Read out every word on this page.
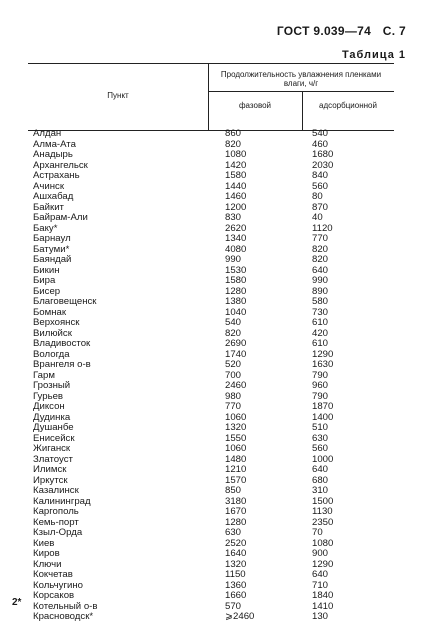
ГОСТ 9.039—74 С. 7
Таблица 1
Пункт
Продолжительность увлажнения пленками влаги, ч/г
фазовой	адсорбционной
Алдан	860	540
Алма-Ата	820	460
Анадырь	1080	1680
Архангельск	1420	2030
Астрахань	1580	840
Ачинск	1440	560
Ашхабад	1460	80
Байкит	1200	870
Байрам-Али	830	40
Баку*	2620	1120
Барнаул	1340	770
Батуми*	4080	820
Баяндай	990	820
Бикин	1530	640
Бира	1580	990
Бисер	1280	890
Благовещенск	1380	580
Бомнак	1040	730
Верхоянск	540	610
Вилюйск	820	420
Владивосток	2690	610
Вологда	1740	1290
Врангеля о-в	520	1630
Гарм	700	790
Грозный	2460	960
Гурьев	980	790
Диксон	770	1870
Дудинка	1060	1400
Душанбе	1320	510
Енисейск	1550	630
Жиганск	1060	560
Златоуст	1480	1000
Илимск	1210	640
Иркутск	1570	680
Казалинск	850	310
Калининград	3180	1500
Каргополь	1670	1130
Кемь-порт	1280	2350
Кзыл-Орда	630	70
Киев	2520	1080
Киров	1640	900
Ключи	1320	1290
Кокчетав	1150	640
Кольчугино	1360	710
Корсаков	1660	1840
Котельный о-в	570	1410
Красноводск*	⩾2460	130
2*
